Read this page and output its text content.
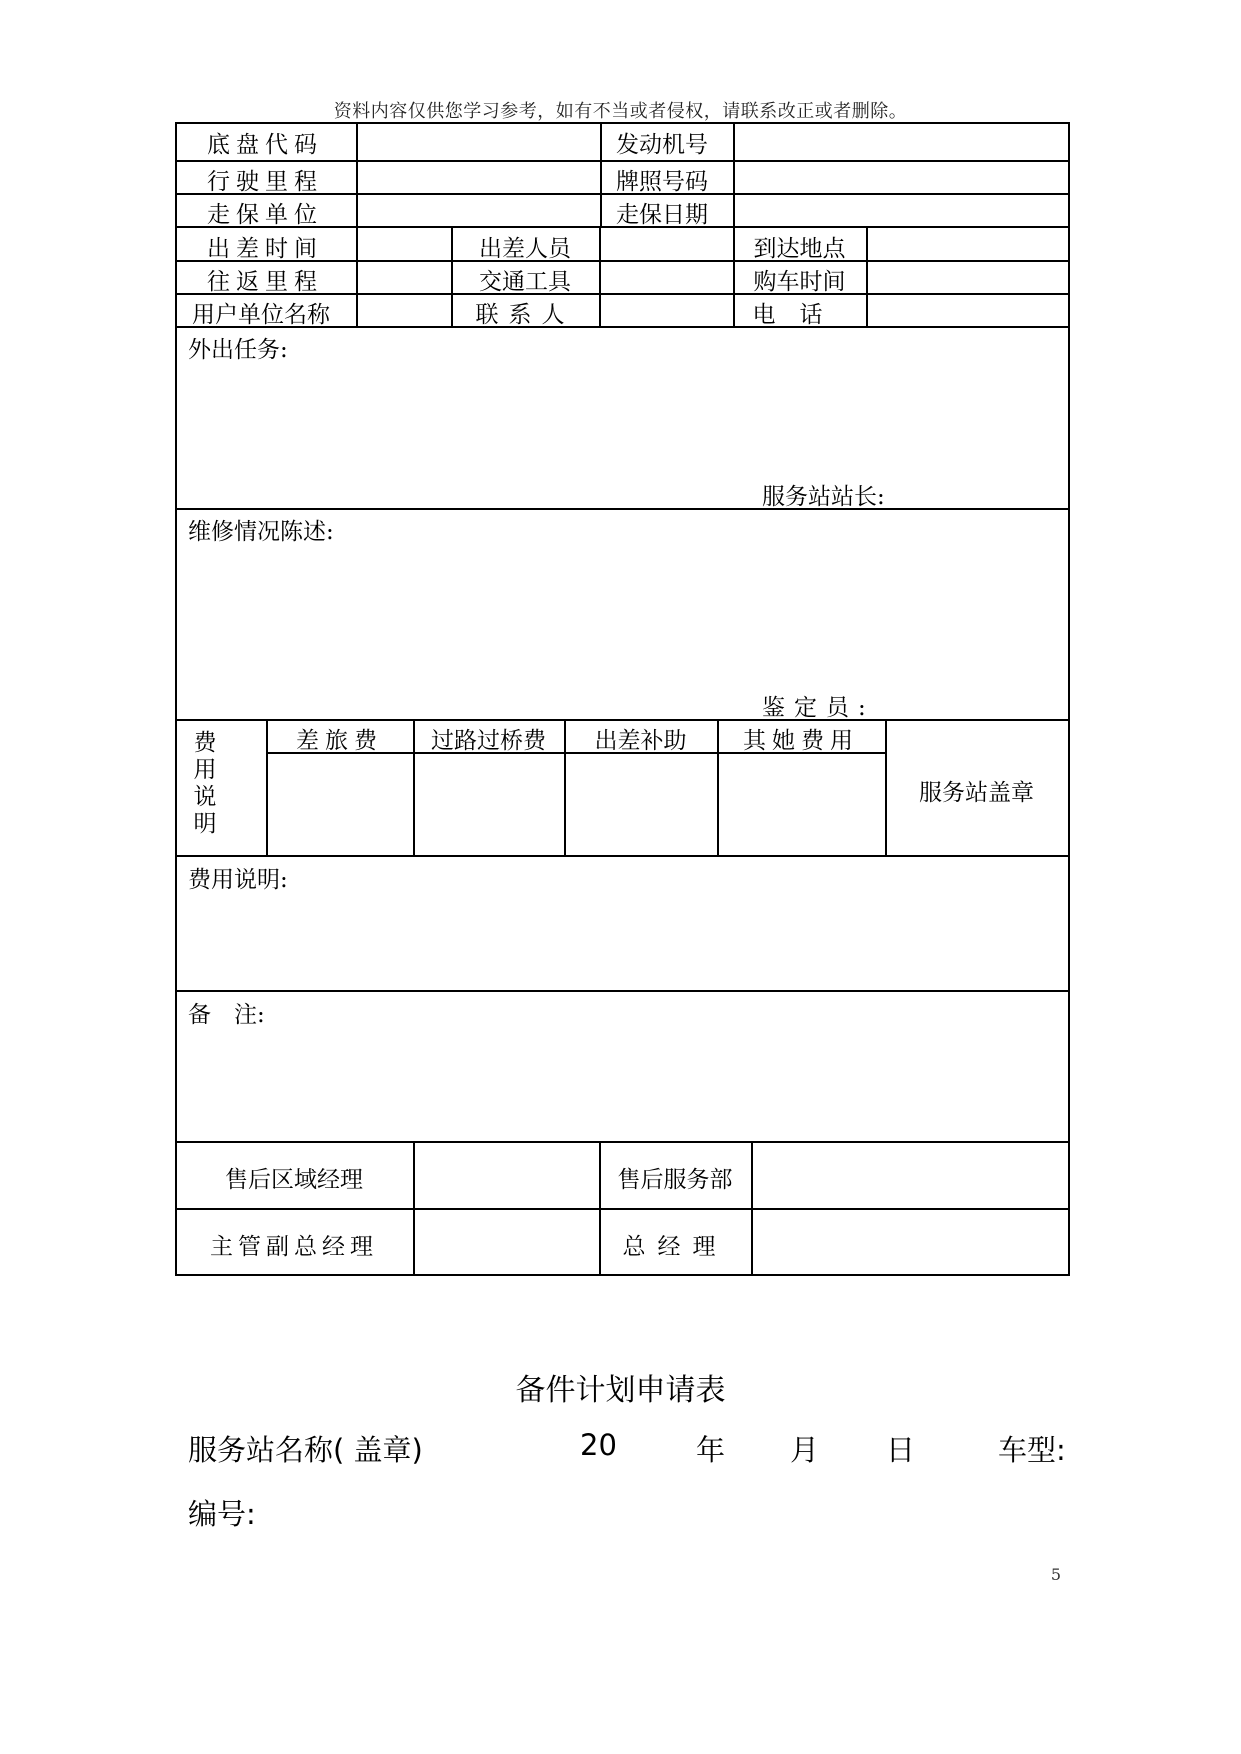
资料内容仅供您学习参考，如有不当或者侵权，请联系改正或者删除。
底盘代码	发动机号
行驶里程	牌照号码
走保单位	走保日期
出差时间	出差人员	到达地点
往返里程	交通工具	购车时间
用户单位名称	联系人	电话
外出任务:
服务站站长:
维修情况陈述:
鉴定员:
费用说明
差旅费	过路过桥费	出差补助	其她费用
服务站盖章
费用说明:
备　注:
售后区域经理	售后服务部
主管副总经理	总经理
备件计划申请表
服务站名称( 盖章)	20	年 月 日	车型:
编号:
5
